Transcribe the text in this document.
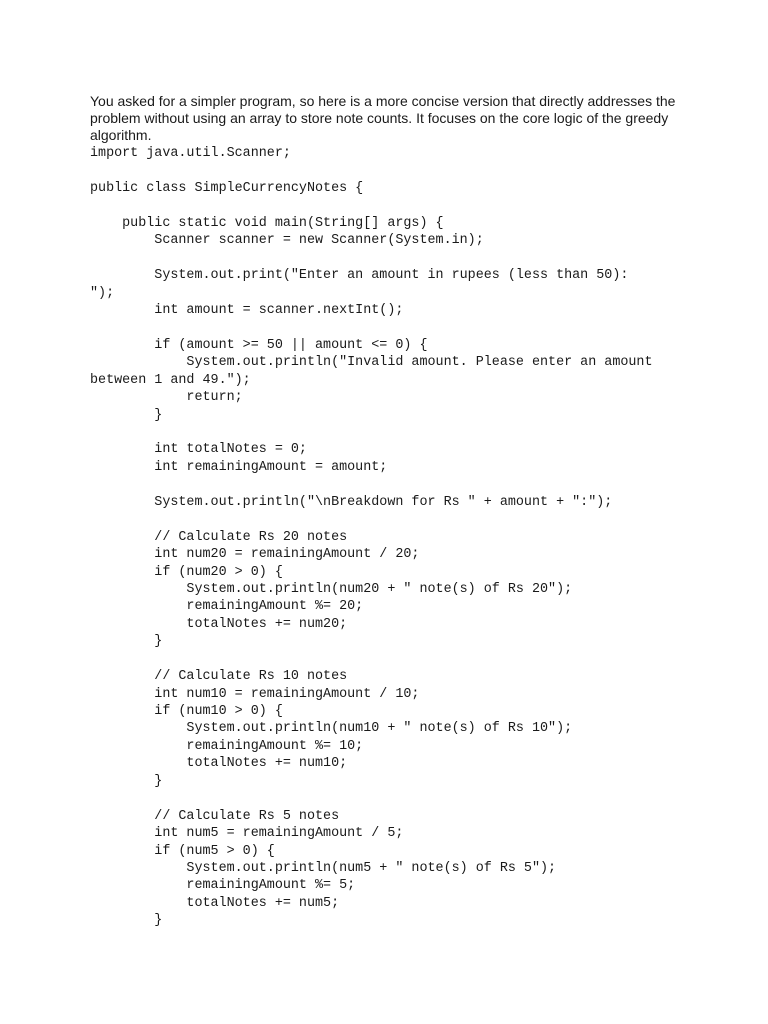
You asked for a simpler program, so here is a more concise version that directly addresses the problem without using an array to store note counts. It focuses on the core logic of the greedy algorithm.
import java.util.Scanner;
public class SimpleCurrencyNotes {
public static void main(String[] args) {
Scanner scanner = new Scanner(System.in);
System.out.print("Enter an amount in rupees (less than 50):
");
int amount = scanner.nextInt();
if (amount >= 50 || amount <= 0) {
System.out.println("Invalid amount. Please enter an amount
between 1 and 49.");
return;
}
int totalNotes = 0;
int remainingAmount = amount;
System.out.println("\nBreakdown for Rs " + amount + ":");
// Calculate Rs 20 notes
int num20 = remainingAmount / 20;
if (num20 > 0) {
System.out.println(num20 + " note(s) of Rs 20");
remainingAmount %= 20;
totalNotes += num20;
}
// Calculate Rs 10 notes
int num10 = remainingAmount / 10;
if (num10 > 0) {
System.out.println(num10 + " note(s) of Rs 10");
remainingAmount %= 10;
totalNotes += num10;
}
// Calculate Rs 5 notes
int num5 = remainingAmount / 5;
if (num5 > 0) {
System.out.println(num5 + " note(s) of Rs 5");
remainingAmount %= 5;
totalNotes += num5;
}
